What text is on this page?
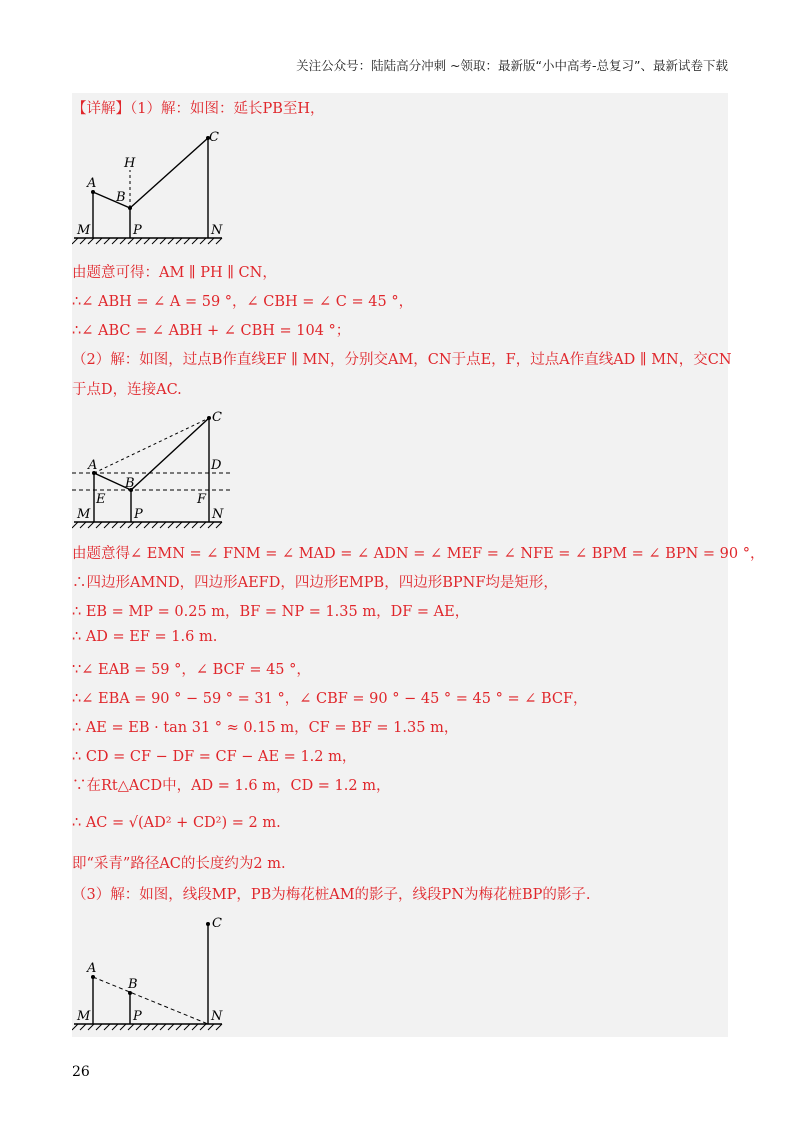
关注公众号：陆陆高分冲刺 ~领取：最新版“小中高考-总复习”、最新试卷下载
【详解】（1）解：如图：延长PB至H，
C
H
A
B
M	P	N
由题意可得：AM ∥ PH ∥ CN，
∴∠ ABH = ∠ A = 59 °，∠ CBH = ∠ C = 45 °，
∴∠ ABC = ∠ ABH + ∠ CBH = 104 °；
（2）解：如图，过点B作直线EF ∥ MN，分别交AM，CN于点E，F，过点A作直线AD ∥ MN，交CN
于点D，连接AC.
C
A	D
B
E	F
M	P	N
由题意得∠ EMN = ∠ FNM = ∠ MAD = ∠ ADN = ∠ MEF = ∠ NFE = ∠ BPM = ∠ BPN = 90 °，
∴四边形AMND，四边形AEFD，四边形EMPB，四边形BPNF均是矩形，
∴ EB = MP = 0.25 m，BF = NP = 1.35 m，DF = AE，
∴ AD = EF = 1.6 m.
∵∠ EAB = 59 °，∠ BCF = 45 °，
∴∠ EBA = 90 ° − 59 ° = 31 °，∠ CBF = 90 ° − 45 ° = 45 ° = ∠ BCF，
∴ AE = EB · tan 31 ° ≈ 0.15 m，CF = BF = 1.35 m，
∴ CD = CF − DF = CF − AE = 1.2 m，
∵在Rt△ACD中，AD = 1.6 m，CD = 1.2 m，
∴ AC = √(AD² + CD²) = 2 m.
即“采青”路径AC的长度约为2 m.
（3）解：如图，线段MP，PB为梅花桩AM的影子，线段PN为梅花桩BP的影子.
C
A
B
M	P	N
26
